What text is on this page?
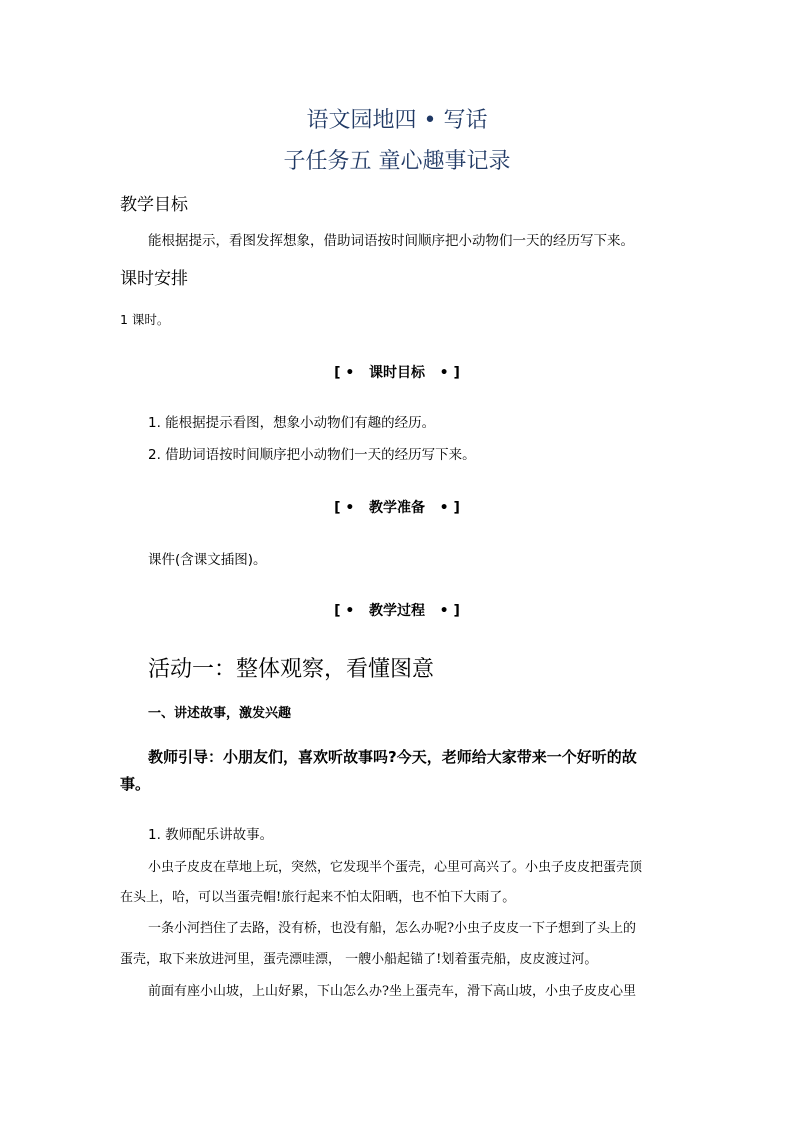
语文园地四 • 写话
子任务五 童心趣事记录
教学目标
能根据提示，看图发挥想象，借助词语按时间顺序把小动物们一天的经历写下来。
课时安排
1 课时。
[ • 课时目标 • ]
1. 能根据提示看图，想象小动物们有趣的经历。
2. 借助词语按时间顺序把小动物们一天的经历写下来。
[ • 教学准备 • ]
课件(含课文插图)。
[ • 教学过程 • ]
活动一：整体观察，看懂图意
一、讲述故事，激发兴趣
教师引导：小朋友们，喜欢听故事吗?今天，老师给大家带来一个好听的故
事。
1. 教师配乐讲故事。
小虫子皮皮在草地上玩，突然，它发现半个蛋壳，心里可高兴了。小虫子皮皮把蛋壳顶
在头上，哈，可以当蛋壳帽!旅行起来不怕太阳晒，也不怕下大雨了。
一条小河挡住了去路，没有桥，也没有船，怎么办呢?小虫子皮皮一下子想到了头上的
蛋壳，取下来放进河里，蛋壳漂哇漂， 一艘小船起锚了!划着蛋壳船，皮皮渡过河。
前面有座小山坡，上山好累，下山怎么办?坐上蛋壳车，滑下高山坡，小虫子皮皮心里
